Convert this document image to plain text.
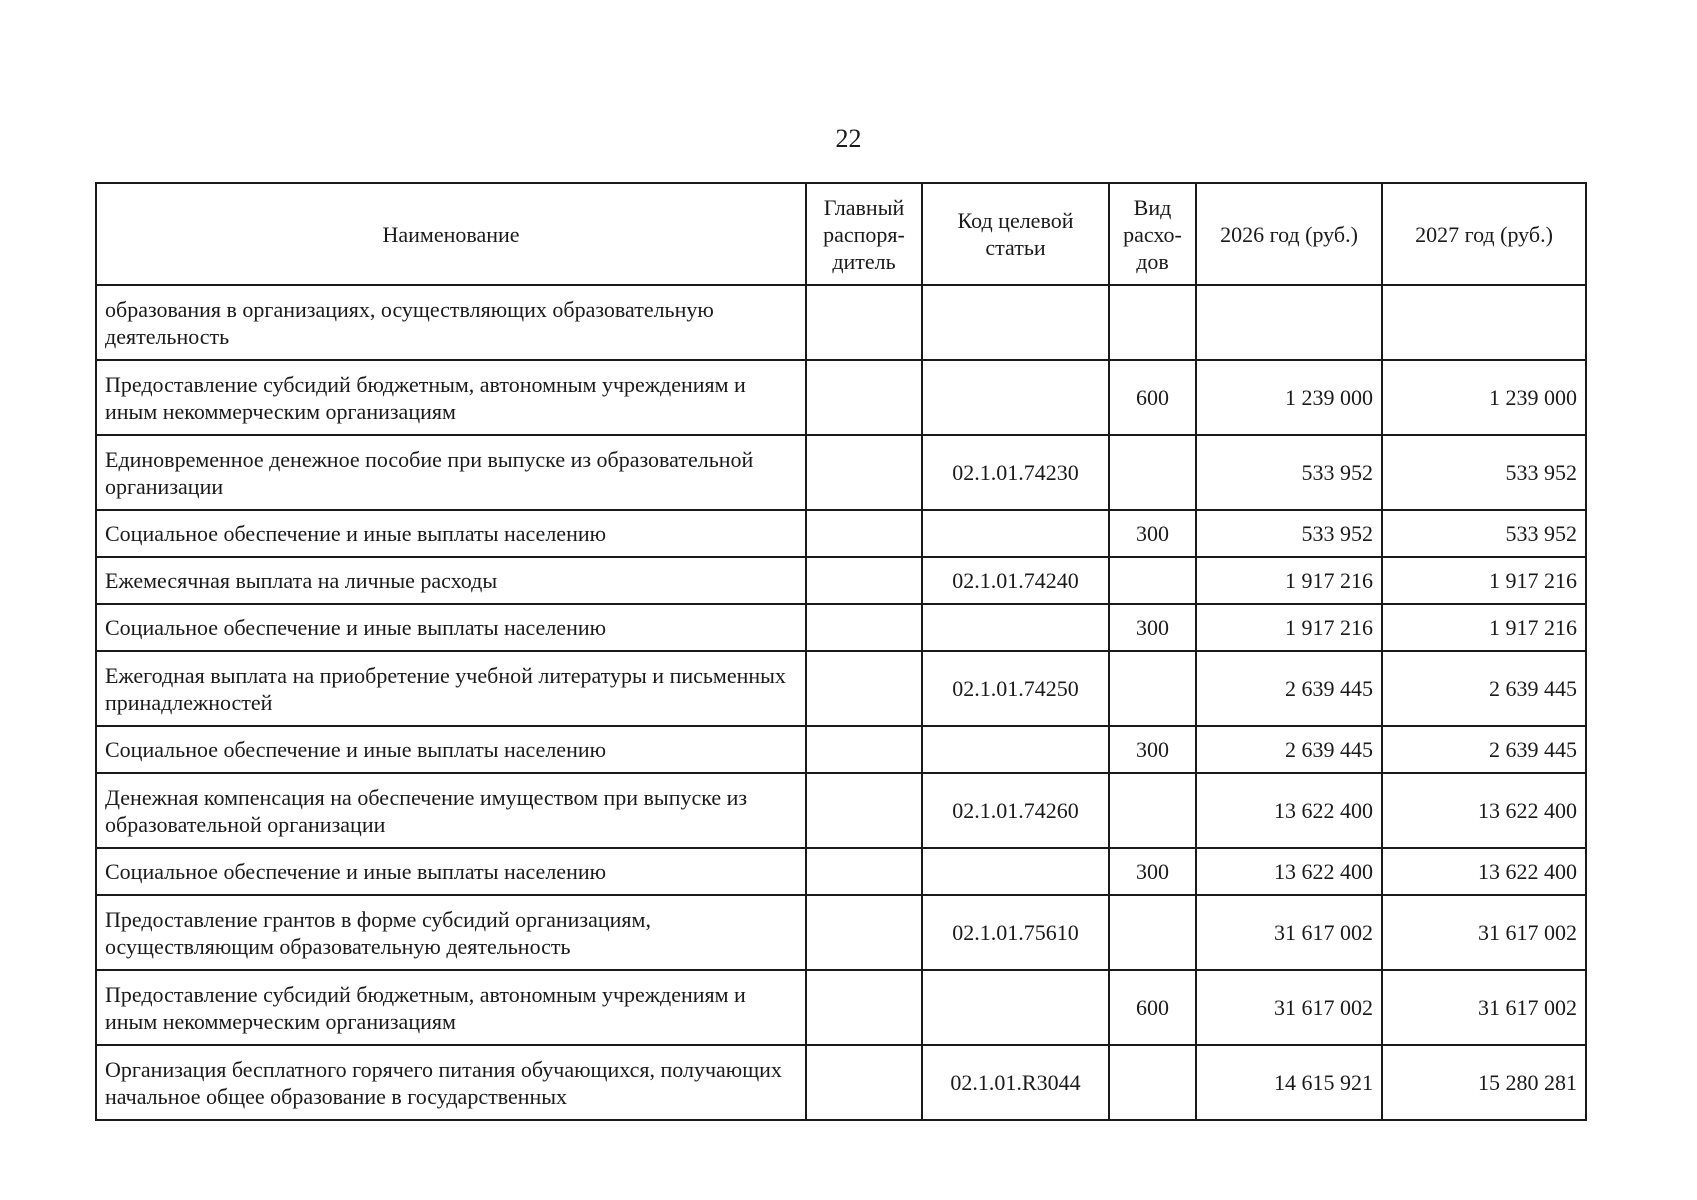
22
Наименование	Главный распоря-дитель	Код целевой статьи	Вид расхо-дов	2026 год (руб.)	2027 год (руб.)
образования в организациях, осуществляющих образовательную деятельность					
Предоставление субсидий бюджетным, автономным учреждениям и иным некоммерческим организациям			600	1 239 000	1 239 000
Единовременное денежное пособие при выпуске из образовательной организации		02.1.01.74230		533 952	533 952
Социальное обеспечение и иные выплаты населению			300	533 952	533 952
Ежемесячная выплата на личные расходы		02.1.01.74240		1 917 216	1 917 216
Социальное обеспечение и иные выплаты населению			300	1 917 216	1 917 216
Ежегодная выплата на приобретение учебной литературы и письменных принадлежностей		02.1.01.74250		2 639 445	2 639 445
Социальное обеспечение и иные выплаты населению			300	2 639 445	2 639 445
Денежная компенсация на обеспечение имуществом при выпуске из образовательной организации		02.1.01.74260		13 622 400	13 622 400
Социальное обеспечение и иные выплаты населению			300	13 622 400	13 622 400
Предоставление грантов в форме субсидий организациям, осуществляющим образовательную деятельность		02.1.01.75610		31 617 002	31 617 002
Предоставление субсидий бюджетным, автономным учреждениям и иным некоммерческим организациям			600	31 617 002	31 617 002
Организация бесплатного горячего питания обучающихся, получающих начальное общее образование в государственных		02.1.01.R3044		14 615 921	15 280 281
